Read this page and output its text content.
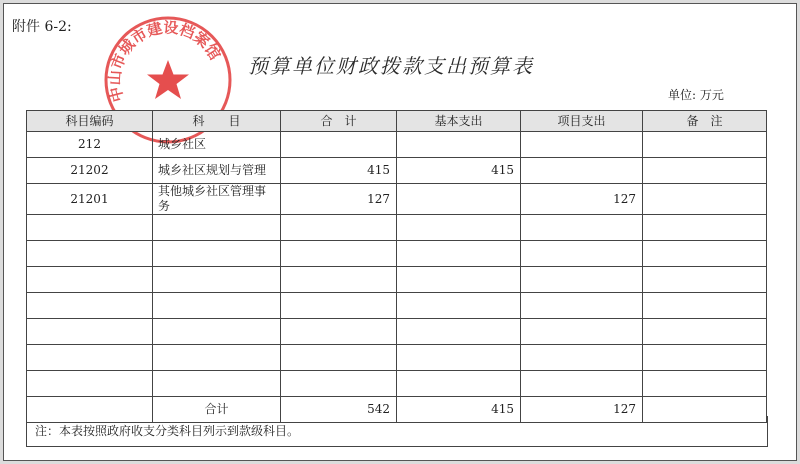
附件 6-2:
预算单位财政拨款支出预算表
单位: 万元
中山市城市建设档案馆
科目编码	科　　目	合　计	基本支出	项目支出	备　注
212	城乡社区				
21202	城乡社区规划与管理	415	415		
21201	其他城乡社区管理事务	127		127	

	合计	542	415	127	
注：本表按照政府收支分类科目列示到款级科目。
